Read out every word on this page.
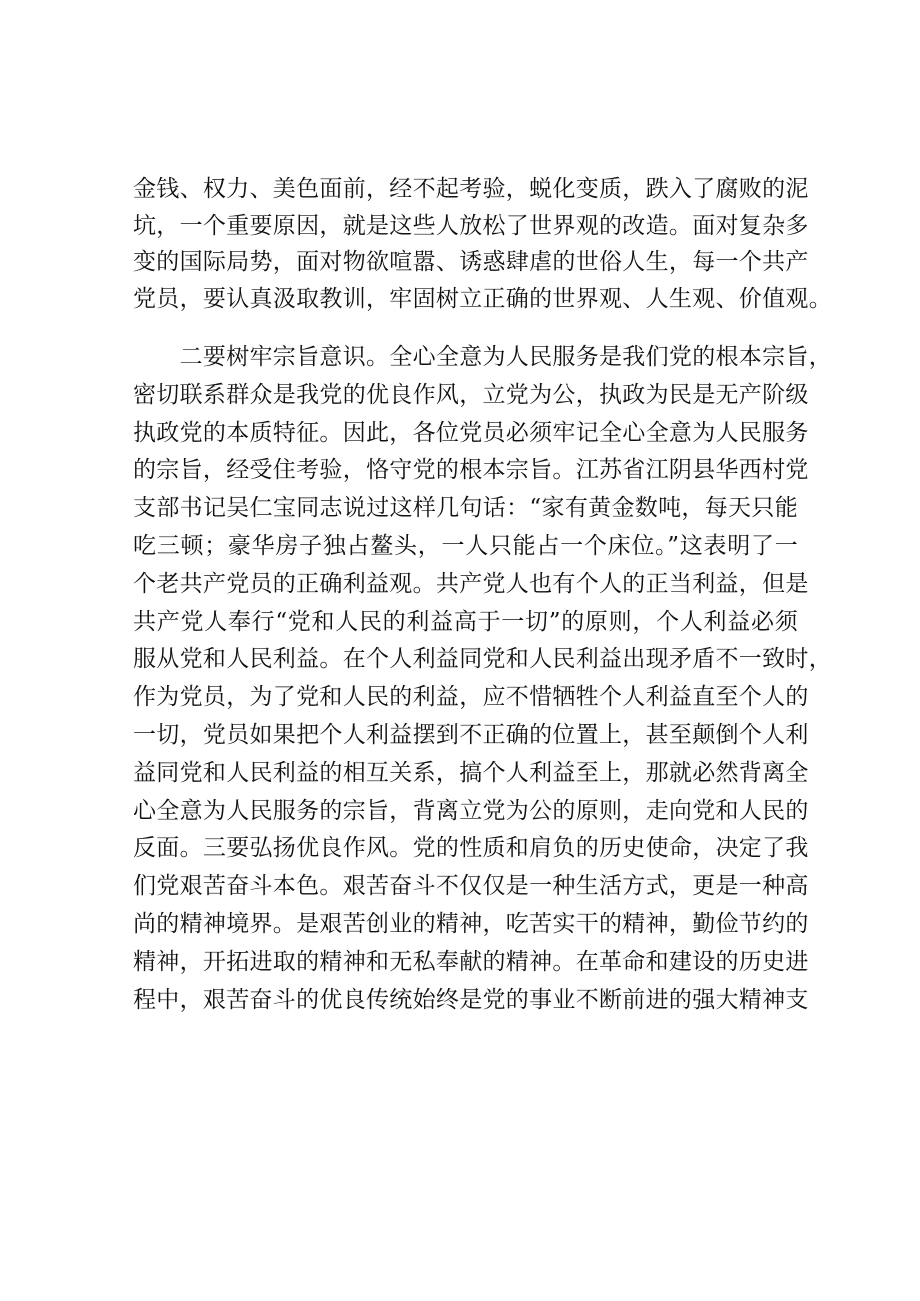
金钱、权力、美色面前，经不起考验，蜕化变质，跌入了腐败的泥
坑，一个重要原因，就是这些人放松了世界观的改造。面对复杂多
变的国际局势，面对物欲喧嚣、诱惑肆虐的世俗人生，每一个共产
党员，要认真汲取教训，牢固树立正确的世界观、人生观、价值观。
　　二要树牢宗旨意识。全心全意为人民服务是我们党的根本宗旨，
密切联系群众是我党的优良作风，立党为公，执政为民是无产阶级
执政党的本质特征。因此，各位党员必须牢记全心全意为人民服务
的宗旨，经受住考验，恪守党的根本宗旨。江苏省江阴县华西村党
支部书记吴仁宝同志说过这样几句话：“家有黄金数吨，每天只能
吃三顿；豪华房子独占鳌头，一人只能占一个床位。”这表明了一
个老共产党员的正确利益观。共产党人也有个人的正当利益，但是
共产党人奉行“党和人民的利益高于一切”的原则，个人利益必须
服从党和人民利益。在个人利益同党和人民利益出现矛盾不一致时，
作为党员，为了党和人民的利益，应不惜牺牲个人利益直至个人的
一切，党员如果把个人利益摆到不正确的位置上，甚至颠倒个人利
益同党和人民利益的相互关系，搞个人利益至上，那就必然背离全
心全意为人民服务的宗旨，背离立党为公的原则，走向党和人民的
反面。三要弘扬优良作风。党的性质和肩负的历史使命，决定了我
们党艰苦奋斗本色。艰苦奋斗不仅仅是一种生活方式，更是一种高
尚的精神境界。是艰苦创业的精神，吃苦实干的精神，勤俭节约的
精神，开拓进取的精神和无私奉献的精神。在革命和建设的历史进
程中，艰苦奋斗的优良传统始终是党的事业不断前进的强大精神支
